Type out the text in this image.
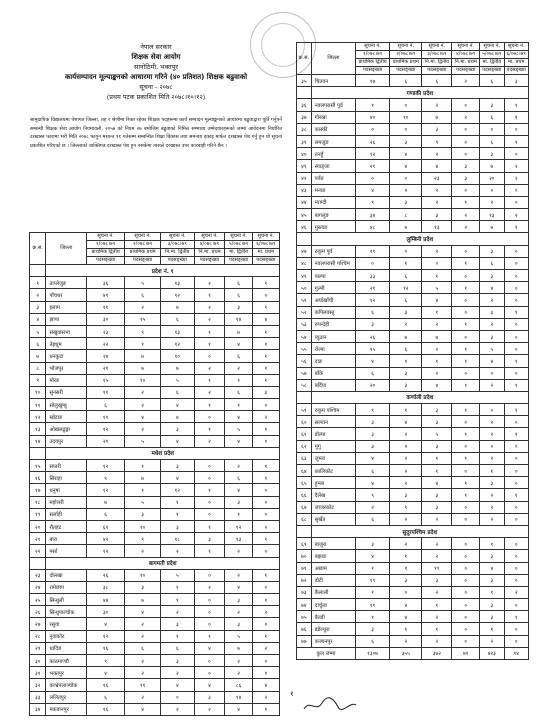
नेपाल सरकार
शिक्षक सेवा आयोग
सानोठिमी, भक्तपुर
कार्यसम्पादन मूल्याङ्कनको आधारमा गरिने (४० प्रतिशत) शिक्षक बढुवाको
सूचना - २०७८
(प्रथम पटक प्रकाशित मिति २०७८।१०।१२)
सामुदायिक विद्यालयमा पेशागत जिल्ला, तह र श्रेणीमा रिक्त रहेका शिक्षक पदहरूमा कार्य सम्पादन मूल्याङ्कनको आधारमा बढुवाद्वारा पूर्ति गर्नुपर्ने सम्बन्धी शिक्षक सेवा आयोग नियमावली, २०५७ को नियम २७ बमोजिम बढुवाको निमित्त सम्भाव्य उम्मेदवारहरूको जम्मा आवेदनमा निर्धारित दरखास्त फारामा भरी मिति २०७८ फागुन मसान्त ११ गतेसम्म सम्बन्धित शिक्षा विकास तथा समन्वय इकाइ मार्फत दरखास्त पेश गर्नु हुन यो सूचना प्रकाशित गरिएको छ । जिल्लाको व्यक्तिगत दरखास्त पेश हुन नसकेमा त्यसले दरखास्त उपर कारबाही गरिने छैन ।
क्र.सं.	जिल्ला	सूचना नं.	सूचना नं.	सूचना नं.	सूचना नं.	सूचना नं.	सूचना नं.
		१/०७८।७९	२/०७८।७९	३/०७८।७९	४/०७८।७९	५/०७८।७९	६/०७८।७९
		प्राथमिक द्वितीय	प्राथमिक प्रथम	नि.मा. द्वितीय	नि.मा. प्रथम	मा. द्वितीय	मा. प्रथम
		पदसङ्ख्या	पदसङ्ख्या	पदसङ्ख्या	पदसङ्ख्या	पदसङ्ख्या	पदसङ्ख्या
	प्रदेश नं. १						
१	ताप्लेजुङ	३६	५	१३	२	६	१
२	पाँचथर	४१	६	१२	१	६	०
३	इलाम	११	२	७	२	३	१
४	झापा	३०	१५	६	२	१४	४
५	संखुवासभा	२३	९	१३	१	७	१
६	तेह्रथुम	२२	१	१२	१	४	१
७	धनकुटा	२४	७	१०	०	६	१
८	भोजपुर	२१	७	७	२	२	१
९	मोरङ	१५	१०	५	१	१	१
१०	सुनसरी	११	२	६	२	६	३
११	सोलुखुम्बु	६	२	४	१	१	०
१२	खोटाङ	११	४	७	०	४	२
१३	ओखलढुङ्गा	१२	२	३	१	५	१
१४	उदयपुर	२१	५	४	२	४	१
	मधेश प्रदेश						
१५	सप्तरी	१२	१	३	०	२	१
१६	सिराहा	९	७	४	०	६	१
१७	धनुषा	१२	१	१२	१	४	०
१८	महोत्तरी	७	५	१	०	३	०
१९	सर्लाही	६	३	१	०	१	०
२०	रौतहट	६१	१०	३	१	१२	२
२१	बारा	४२	९	१८	३	१३	१
२२	पर्सा	१२	२	२	१	२	०
	बागमती प्रदेश						
२३	दोलखा	२६	१०	५	०	२	१
२४	रामेछाप	३८	३	१	२	४	०
२५	सिन्धुली	४४	७	९	०	३	१
२६	सिन्धुपाल्चोक	३०	४	२	०	२	२
२७	रसुवा	४	२	३	०	३	०
२८	नुवाकोट	१२	२	१	१	५	१
२९	धादिङ	१६	६	६	४	७	२
३०	काठमाण्डौ	९	२	३	०	२	०
३१	भक्तपुर	४	२	२	०	२	१
३२	काभ्रेपलाञ्चोक	१६	११	४	४	८६	४
३३	ललितपुर	६	२	०	३	१४	२
३४	मकवानपुर	१६	४	२	२	४	१
क्र.सं.	जिल्ला	सूचना नं.	सूचना नं.	सूचना नं.	सूचना नं.	सूचना नं.	सूचना नं.
		१/०७८।७९	२/०७८।७९	३/०७८।७९	४/०७८।७९	५/०७८।७९	६/०७८।७९
		प्राथमिक द्वितीय	प्राथमिक प्रथम	नि.मा. द्वितीय	नि.मा. प्रथम	मा. द्वितीय	मा. प्रथम
		पदसङ्ख्या	पदसङ्ख्या	पदसङ्ख्या	पदसङ्ख्या	पदसङ्ख्या	पदसङ्ख्या
३५	चितवन	१७	६	६	२	६	३
	गण्डकी प्रदेश						
३६	नवलपरासी पूर्व	१	०	२	०	३	१
३७	गोरखा	४०	१०	७	२	६	१
३८	कास्की	०	०	३	०	०	०
३९	लमजुङ	२६	३	९	०	६	१
४०	तनहुँ	१२	४	२	०	३	०
४१	स्याङ्जा	२१	४	४	३	७	२
४२	पर्वत	०	०	२३	३	२०	२
४३	मनाङ	४	२	२	०	०	०
४४	म्याग्दी	९	३	२	१	२	०
४५	बागलुङ	३४	८	३	२	१३	२
४६	मुस्ताङ	४८	७	१३	२	७	१
	लुम्बिनी प्रदेश						
४७	रुकुम पूर्व	११	०	२	०	३	०
४८	नवलपरासी पश्चिम	०	१	०	१	६	०
४९	पाल्पा	३३	६	१	०	३	०
५०	गुल्मी	२१	१२	५	१	४	०
५१	अर्घाखाँची	१२	६	४	०	२	०
५२	कपिलवस्तु	६	३	१	०	३	१
५३	रुपन्देही	३	२	२	१	२	०
५४	प्यूठान	२६	७	७	०	३	०
५५	रोल्पा	१५	६	०	१	५	०
५६	दाङ	४	१	१	१	४	१
५७	बाँके	६	३	०	०	०	०
५८	बर्दिया	२०	३	४	१	२	१
	कर्णाली प्रदेश						
५९	रुकुम पश्चिम	९	१	३	१	०	१
६०	सल्यान	३	४	३	०	२	०
६१	डोल्पा	३	२	५	१	२	१
६२	मुगु	३	२	३	०	०	०
६३	जुम्ला	४	२	१	१	२	०
६४	कालिकोट	६	२	१	०	१	०
६५	हुम्ला	४	२	४	१	३	०
६६	दैलेख	९	३	३	१	२	१
६७	जाजरकोट	२	१	३	०	२	०
६८	सुर्खेत	६	२	२	०	२	०
	सुदूरपश्चिम प्रदेश						
६९	बाजुरा	३	२	२	०	१	०
७०	बझाङ	४	१	२	०	३	०
७१	अछाम	१	१	११	०	४	०
७२	डोटी	११	३	३	०	३	०
७३	कैलाली	१	०	२	०	१	२
७४	दार्चुला	११	४	१	०	३	०
७५	बैतडी	१	४	२	०	३	१
७६	डडेल्धुरा	३	१	१	०	१	०
७७	कञ्चनपुर	६	२	२	०	२	०
कुल जम्मा		१३०७	३५५	३७२	७१	४२३	९४
१
